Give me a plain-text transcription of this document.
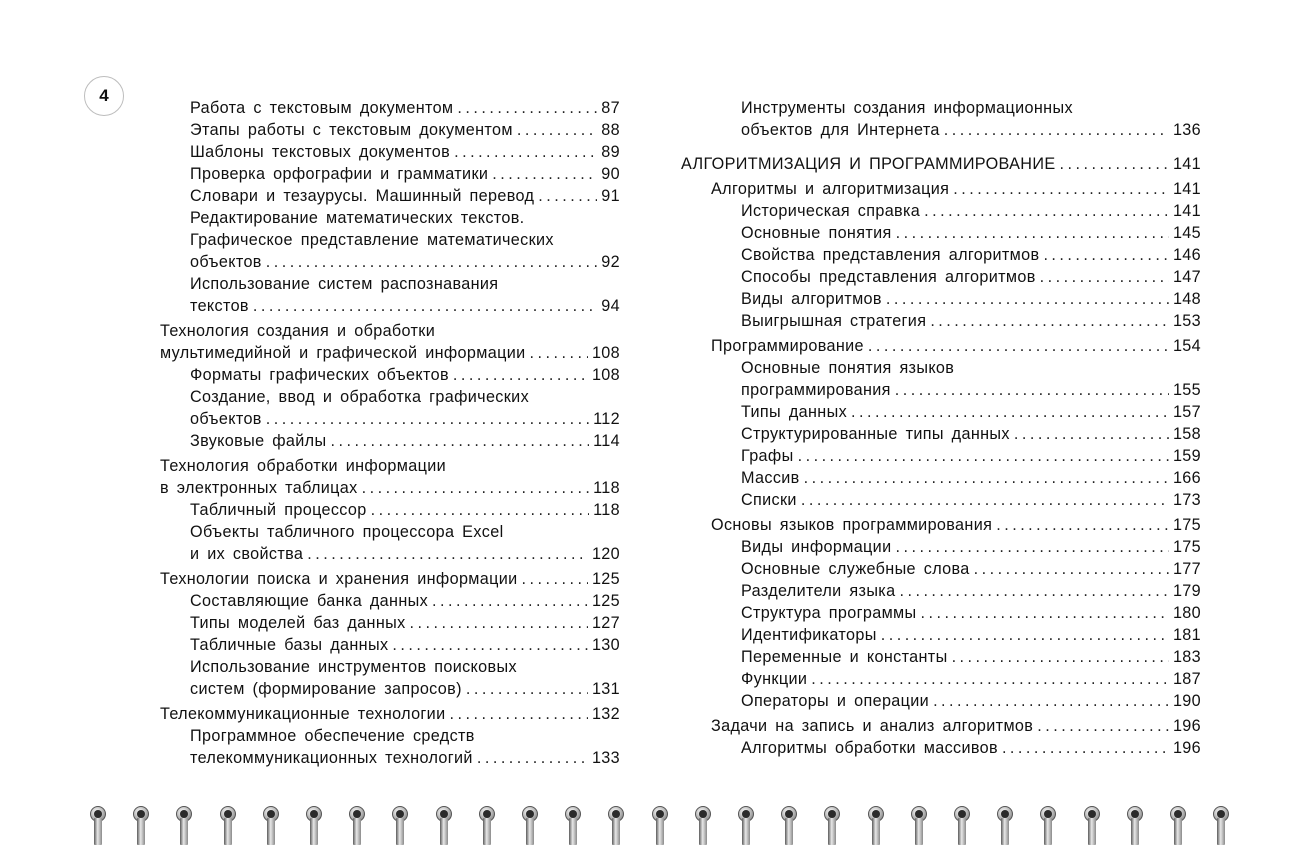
4
Работа с текстовым документом . . .	87
Этапы работы с текстовым документом . . .	88
Шаблоны текстовых документов . . .	89
Проверка орфографии и грамматики . . .	90
Словари и тезаурусы. Машинный перевод . . .	91
Редактирование математических текстов.
Графическое представление математических
объектов . . .	92
Использование систем распознавания
текстов . . .	94
Технология создания и обработки
мультимедийной и графической информации . . .	108
Форматы графических объектов . . .	108
Создание, ввод и обработка графических
объектов . . .	112
Звуковые файлы . . .	114
Технология обработки информации
в электронных таблицах . . .	118
Табличный процессор . . .	118
Объекты табличного процессора Excel
и их свойства . . .	120
Технологии поиска и хранения информации . . .	125
Составляющие банка данных . . .	125
Типы моделей баз данных . . .	127
Табличные базы данных . . .	130
Использование инструментов поисковых
систем (формирование запросов) . . .	131
Телекоммуникационные технологии . . .	132
Программное обеспечение средств
телекоммуникационных технологий . . .	133
Инструменты создания информационных
объектов для Интернета . . .	136
АЛГОРИТМИЗАЦИЯ И ПРОГРАММИРОВАНИЕ . . .	141
Алгоритмы и алгоритмизация . . .	141
Историческая справка . . .	141
Основные понятия . . .	145
Свойства представления алгоритмов . . .	146
Способы представления алгоритмов . . .	147
Виды алгоритмов . . .	148
Выигрышная стратегия . . .	153
Программирование . . .	154
Основные понятия языков
программирования . . .	155
Типы данных . . .	157
Структурированные типы данных . . .	158
Графы . . .	159
Массив . . .	166
Списки . . .	173
Основы языков программирования . . .	175
Виды информации . . .	175
Основные служебные слова . . .	177
Разделители языка . . .	179
Структура программы . . .	180
Идентификаторы . . .	181
Переменные и константы . . .	183
Функции . . .	187
Операторы и операции . . .	190
Задачи на запись и анализ алгоритмов . . .	196
Алгоритмы обработки массивов . . .	196
